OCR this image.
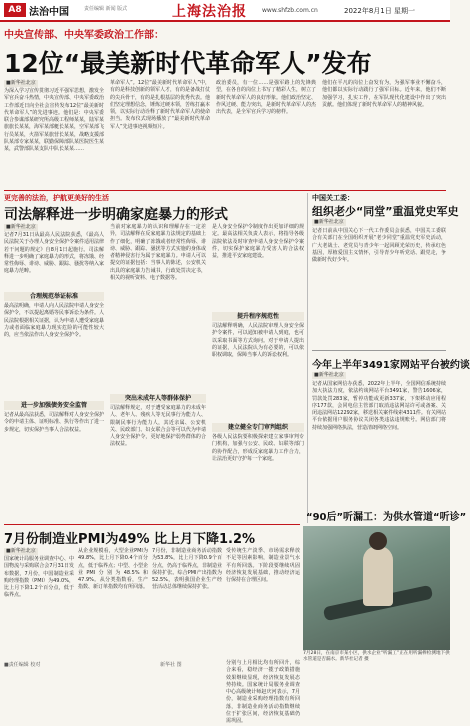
A8 法治中国	责任编辑 新闻 版式	上海法治报	www.shfzb.com.cn	2022年8月1日 星期一
中央宣传部、中央军委政治工作部：
12位“最美新时代革命军人”发布
■新华社北京
为深入学习宣传贯彻习近平强军思想，激发全军官兵奋斗热情，中央宣传部、中央军委政治工作部近日向全社会宣传发布12位“最美新时代革命军人”的先进事迹。他们是：中央军委联合参谋部某研究所高级工程师某某，陆军某旅旅长某某，海军某部艇长某某，空军某部飞行员某某，火箭军某旅营长某某，战略支援部队某部专家某某，联勤保障部队某医院医生某某，武警部队某支队中队长某某……
革命军人”。12位“最美新时代革命军人”中，有的是科技创新的领军人才，有的是备战打仗的尖兵骨干，有的是扎根基层的优秀代表。他们坚定理想信念，锤炼过硬本领，苦练打赢本领，以实际行动诠释了新时代革命军人的使命担当。发布仪式现场播放了“最美新时代革命军人”先进事迹视频短片。
政治委员，有一位……是强军路上的先锋典型，在各自的岗位上书写了精彩人生，树立了新时代革命军人的良好形象。他们政治坚定、作风过硬、能力突出，是新时代革命军人的杰出代表，是全军官兵学习的榜样。
他们在平凡的岗位上奋发有为，为强军事业不懈奋斗，他们都以实际行动践行了强军目标。近年来，他们不断加强学习，扎实工作，在军队现代化建设中作出了突出贡献。他们体现了新时代革命军人的精神风貌。
更完善的法治，护航更美好的生活
司法解释进一步明确家庭暴力的形式
■新华社北京
记者7月31日从最高人民法院获悉，《最高人民法院关于办理人身安全保护令案件适用法律若干问题的规定》自8月1日起施行。司法解释进一步明确了家庭暴力的形式，将冻饿、经常性侮辱、诽谤、威胁、跟踪、骚扰等纳入家庭暴力范畴。
合理规范举证标准
最高法明确，申请人向人民法院申请人身安全保护令，不以提起离婚等民事诉讼为条件。人民法院根据相关证据，认为申请人遭受家庭暴力或者面临家庭暴力现实危险的可能性较大的，应当依法作出人身安全保护令。
进一步加强债务安全监管
记者从最高法获悉，司法解释对人身安全保护令的申请主体、证明标准、执行等作出了进一步规定，切实保护当事人合法权益。
当前对家庭暴力的认识和理解存在一定差异，司法解释在反家庭暴力法规定的基础上作了细化，明确了冻饿或者经常性侮辱、诽谤、威胁、跟踪、骚扰等方式实施的身体或者精神侵害行为属于家庭暴力。申请人可以提交的证据包括：当事人的陈述，公安机关出具的家庭暴力告诫书，行政处罚决定书，相关的视听资料、电子数据等。
突出未成年人等群体保护
司法解释规定，对于遭受家庭暴力的未成年人、老年人、残疾人等无民事行为能力人、限制民事行为能力人，其近亲属、公安机关、民政部门、妇女联合会等可以代为申请人身安全保护令，更好地保护弱势群体的合法权益。
是人身安全保护令制度作出更加详细的规定。最高法相关负责人表示，将指导各级法院依法及时审查申请人身安全保护令案件，切实保护家庭暴力受害人的合法权益，推进平安家庭建设。
提升程序规范性
司法解释明确，人民法院审理人身安全保护令案件，可以通知被申请人到庭，也可以采取书面等方式询问。对于申请人提出的证据，人民法院认为有必要的，可以依职权调取，保障当事人的诉讼权利。
建立健全专门审判组织
各级人民法院要积极探索建立家事审判专门机构，加强与公安、民政、妇联等部门的协作配合，形成反家庭暴力工作合力，让法治更好守护每一个家庭。
中国关工委：
组织老少“同堂”重温党史军史
■新华社北京
记者日前从中国关心下一代工作委员会获悉，中国关工委联合有关部门在全国组织开展“老少同堂”重温党史军史活动，广大老战士、老党员与青少年一起回顾光荣历史，传承红色基因，厚植爱国主义情怀，引导青少年听党话、跟党走，争做新时代好少年。
今年上半年3491家网站平台被约谈
■新华社北京
记者从国家网信办获悉，2022年上半年，全国网信系统持续加大执法力度，依法约谈网站平台3491家，警告1606家，罚款处罚283家，暂停功能或更新337家，下架移动应用程序177款，会同电信主管部门取消违法网站许可或备案、关闭违法网站12292家，移送相关案件线索4311件。有关网站平台依据用户服务协议关闭各类违法违规账号。网信部门将持续加强网络执法，营造清朗网络空间。
7月份制造业PMI为49% 比上月下降1.2%
■新华社北京
国家统计局服务业调查中心、中国物流与采购联合会7月31日发布数据，7月份，中国制造业采购经理指数（PMI）为49.0%，比上月下降1.2个百分点，低于临界点。
从企业规模看，大型企业PMI为49.8%，比上月下降0.4个百分点，低于临界点；中型、小型企业PMI分别为48.5%和47.9%。从分类指数看，生产指数、新订单指数均有所回落。
7月份，非制造业商务活动指数为53.8%，比上月下降0.9个百分点，仍高于临界点，非制造业保持扩张。综合PMI产出指数为52.5%，表明我国企业生产经营活动总体继续保持扩张。
受传统生产淡季、市场需求释放不足等因素影响，制造业景气水平有所回落。下阶段要继续巩固经济恢复发展基础，推动经济运行保持在合理区间。
“90后”听漏工：为供水管道“听诊”
7月28日，在南京市某小区，供水企业“听漏工”正在用听漏棒检测地下供水管道是否漏水。新华社记者 摄
分别与上月相比均有所回升，综合来看，稳经济一揽子政策措施效果继续显现，经济恢复发展态势持续。国家统计局服务业调查中心高级统计师赵庆河表示，7月份，制造业采购经理指数有所回落，非制造业商务活动指数继续位于扩张区间，经济恢复基础仍需巩固。
■责任编辑 校对	新华社 图
